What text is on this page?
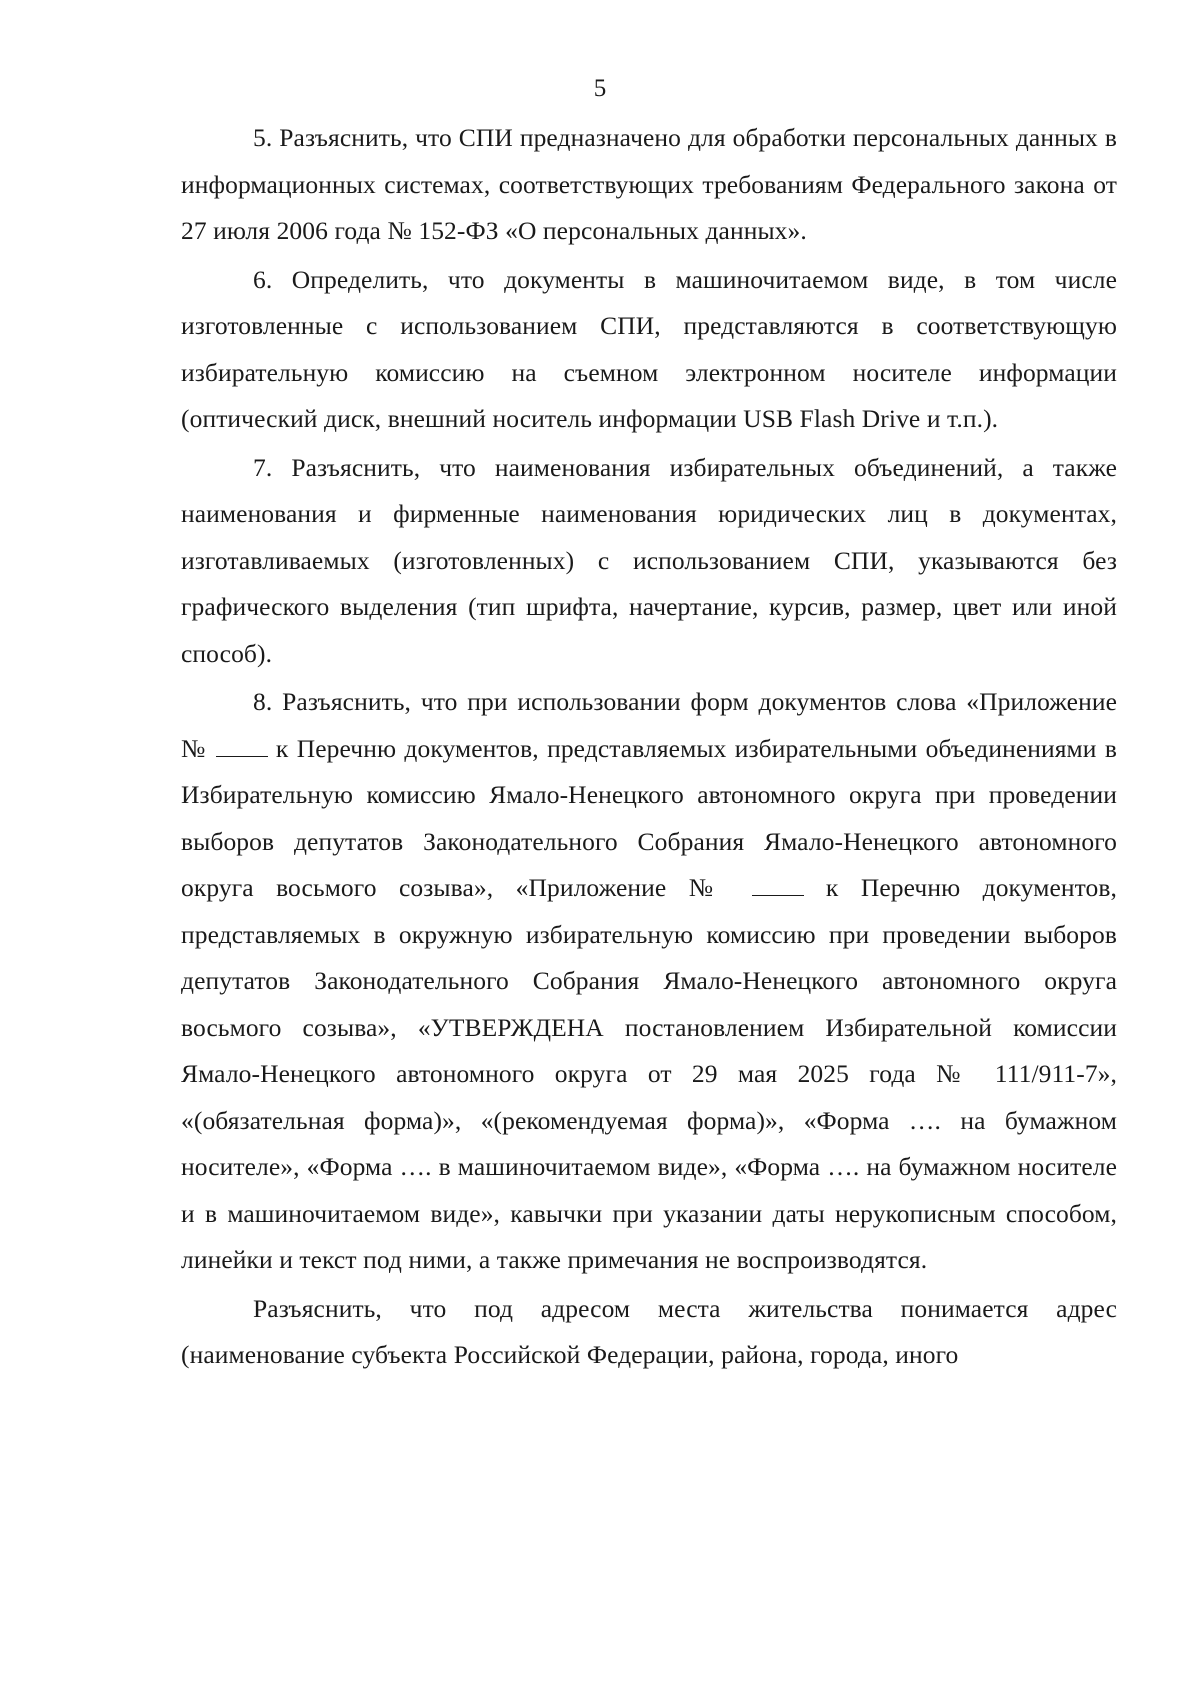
5

5. Разъяснить, что СПИ предназначено для обработки персональных данных в информационных системах, соответствующих требованиям Федерального закона от 27 июля 2006 года № 152-ФЗ «О персональных данных».

6. Определить, что документы в машиночитаемом виде, в том числе изготовленные с использованием СПИ, представляются в соответствующую избирательную комиссию на съемном электронном носителе информации (оптический диск, внешний носитель информации USB Flash Drive и т.п.).

7. Разъяснить, что наименования избирательных объединений, а также наименования и фирменные наименования юридических лиц в документах, изготавливаемых (изготовленных) с использованием СПИ, указываются без графического выделения (тип шрифта, начертание, курсив, размер, цвет или иной способ).

8. Разъяснить, что при использовании форм документов слова «Приложение №  к Перечню документов, представляемых избирательными объединениями в Избирательную комиссию Ямало-Ненецкого автономного округа при проведении выборов депутатов Законодательного Собрания Ямало-Ненецкого автономного округа восьмого созыва», «Приложение №  к Перечню документов, представляемых в окружную избирательную комиссию при проведении выборов депутатов Законодательного Собрания Ямало-Ненецкого автономного округа восьмого созыва», «УТВЕРЖДЕНА постановлением Избирательной комиссии Ямало-Ненецкого автономного округа от 29 мая 2025 года № 111/911-7», «(обязательная форма)», «(рекомендуемая форма)», «Форма …. на бумажном носителе», «Форма …. в машиночитаемом виде», «Форма …. на бумажном носителе и в машиночитаемом виде», кавычки при указании даты нерукописным способом, линейки и текст под ними, а также примечания не воспроизводятся.

Разъяснить, что под адресом места жительства понимается адрес (наименование субъекта Российской Федерации, района, города, иного
